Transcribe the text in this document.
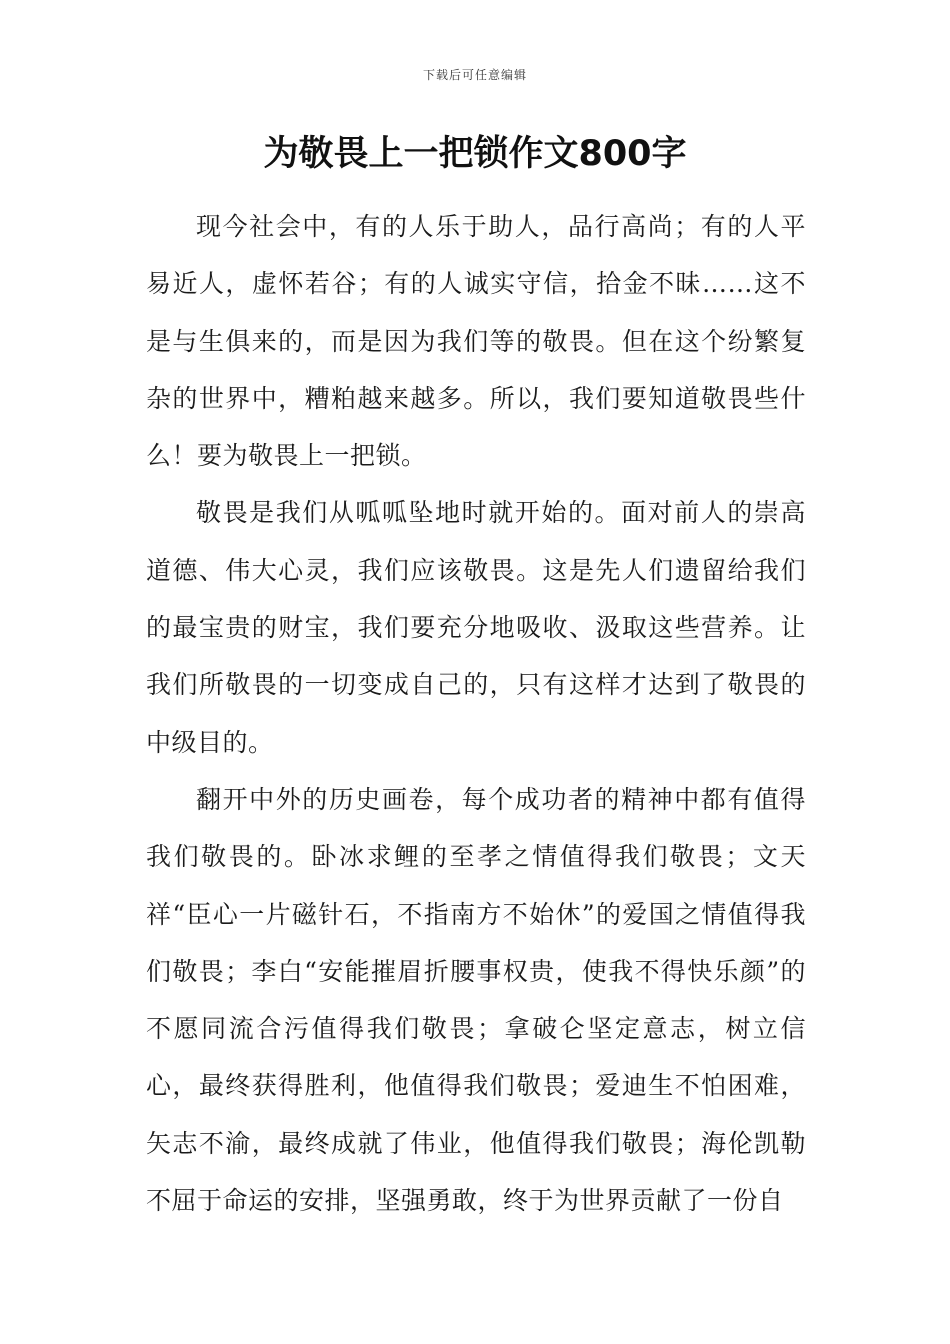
下载后可任意编辑
为敬畏上一把锁作文800字

现今社会中，有的人乐于助人，品行高尚；有的人平易近人，虚怀若谷；有的人诚实守信，拾金不昧……这不是与生俱来的，而是因为我们等的敬畏。但在这个纷繁复杂的世界中，糟粕越来越多。所以，我们要知道敬畏些什么！要为敬畏上一把锁。

敬畏是我们从呱呱坠地时就开始的。面对前人的崇高道德、伟大心灵，我们应该敬畏。这是先人们遗留给我们的最宝贵的财宝，我们要充分地吸收、汲取这些营养。让我们所敬畏的一切变成自己的，只有这样才达到了敬畏的中级目的。

翻开中外的历史画卷，每个成功者的精神中都有值得我们敬畏的。卧冰求鲤的至孝之情值得我们敬畏；文天祥“臣心一片磁针石，不指南方不始休”的爱国之情值得我们敬畏；李白“安能摧眉折腰事权贵，使我不得快乐颜”的不愿同流合污值得我们敬畏；拿破仑坚定意志，树立信心，最终获得胜利，他值得我们敬畏；爱迪生不怕困难，矢志不渝，最终成就了伟业，他值得我们敬畏；海伦凯勒不屈于命运的安排，坚强勇敢，终于为世界贡献了一份自
